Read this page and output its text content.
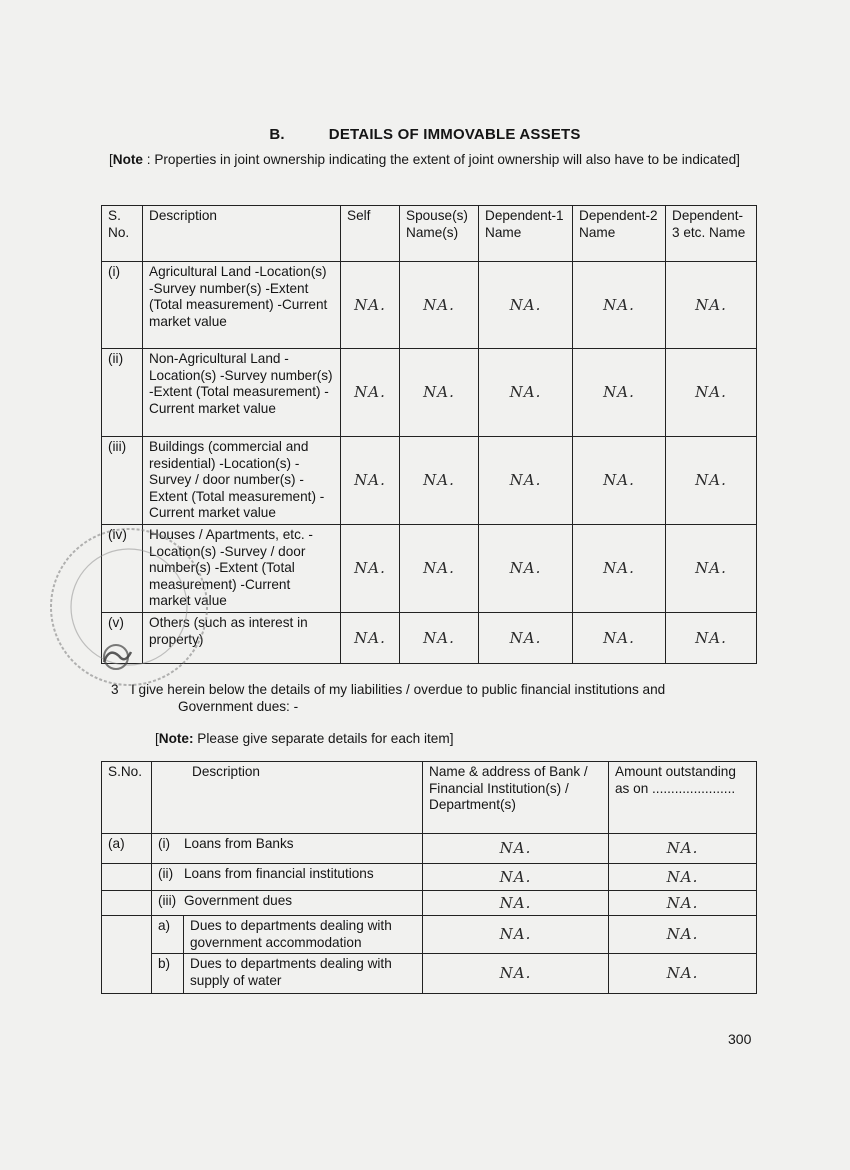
B.	DETAILS OF IMMOVABLE ASSETS
[Note : Properties in joint ownership indicating the extent of joint ownership will also have to be indicated]
S. No.	Description	Self	Spouse(s) Name(s)	Dependent-1 Name	Dependent-2 Name	Dependent-3 etc. Name
(i)	Agricultural Land -Location(s) -Survey number(s) -Extent (Total measurement) -Current market value	NA.	NA.	NA.	NA.	NA.
(ii)	Non-Agricultural Land -Location(s) -Survey number(s) -Extent (Total measurement) -Current market value	NA.	NA.	NA.	NA.	NA.
(iii)	Buildings (commercial and residential) -Location(s) -Survey / door number(s) -Extent (Total measurement) -Current market value	NA.	NA.	NA.	NA.	NA.
(iv)	Houses / Apartments, etc. -Location(s) -Survey / door number(s) -Extent (Total measurement) -Current market value	NA.	NA.	NA.	NA.	NA.
(v)	Others (such as interest in property)	NA.	NA.	NA.	NA.	NA.
3 I give herein below the details of my liabilities / overdue to public financial institutions and
Government dues: -
[Note: Please give separate details for each item]
S.No.	Description		Name & address of Bank / Financial Institution(s) / Department(s)	Amount outstanding as on ......................
(a)	(i) Loans from Banks		NA.	NA.
	(ii) Loans from financial institutions		NA.	NA.
	(iii) Government dues		NA.	NA.
	a)	Dues to departments dealing with government accommodation	NA.	NA.
	b)	Dues to departments dealing with supply of water	NA.	NA.
300
